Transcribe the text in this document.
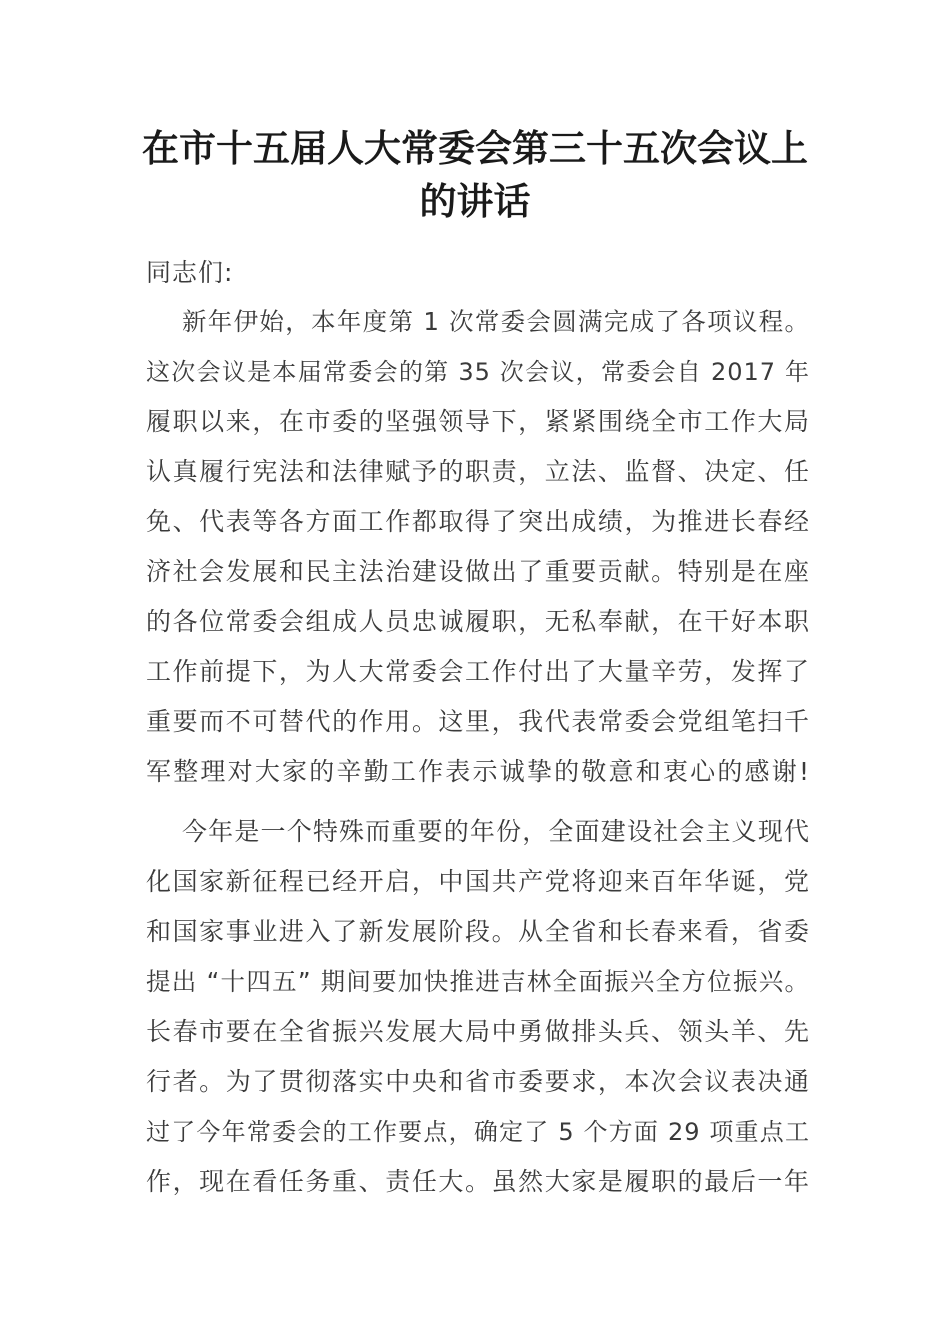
在市十五届人大常委会第三十五次会议上
的讲话

同志们:

新年伊始，本年度第 1 次常委会圆满完成了各项议程。
这次会议是本届常委会的第 35 次会议，常委会自 2017 年
履职以来，在市委的坚强领导下，紧紧围绕全市工作大局
认真履行宪法和法律赋予的职责，立法、监督、决定、任
免、代表等各方面工作都取得了突出成绩，为推进长春经
济社会发展和民主法治建设做出了重要贡献。特别是在座
的各位常委会组成人员忠诚履职，无私奉献，在干好本职
工作前提下，为人大常委会工作付出了大量辛劳，发挥了
重要而不可替代的作用。这里，我代表常委会党组笔扫千
军整理对大家的辛勤工作表示诚挚的敬意和衷心的感谢!
今年是一个特殊而重要的年份，全面建设社会主义现代
化国家新征程已经开启，中国共产党将迎来百年华诞，党
和国家事业进入了新发展阶段。从全省和长春来看，省委
提出 “十四五” 期间要加快推进吉林全面振兴全方位振兴。
长春市要在全省振兴发展大局中勇做排头兵、领头羊、先
行者。为了贯彻落实中央和省市委要求，本次会议表决通
过了今年常委会的工作要点，确定了 5 个方面 29 项重点工
作，现在看任务重、责任大。虽然大家是履职的最后一年
